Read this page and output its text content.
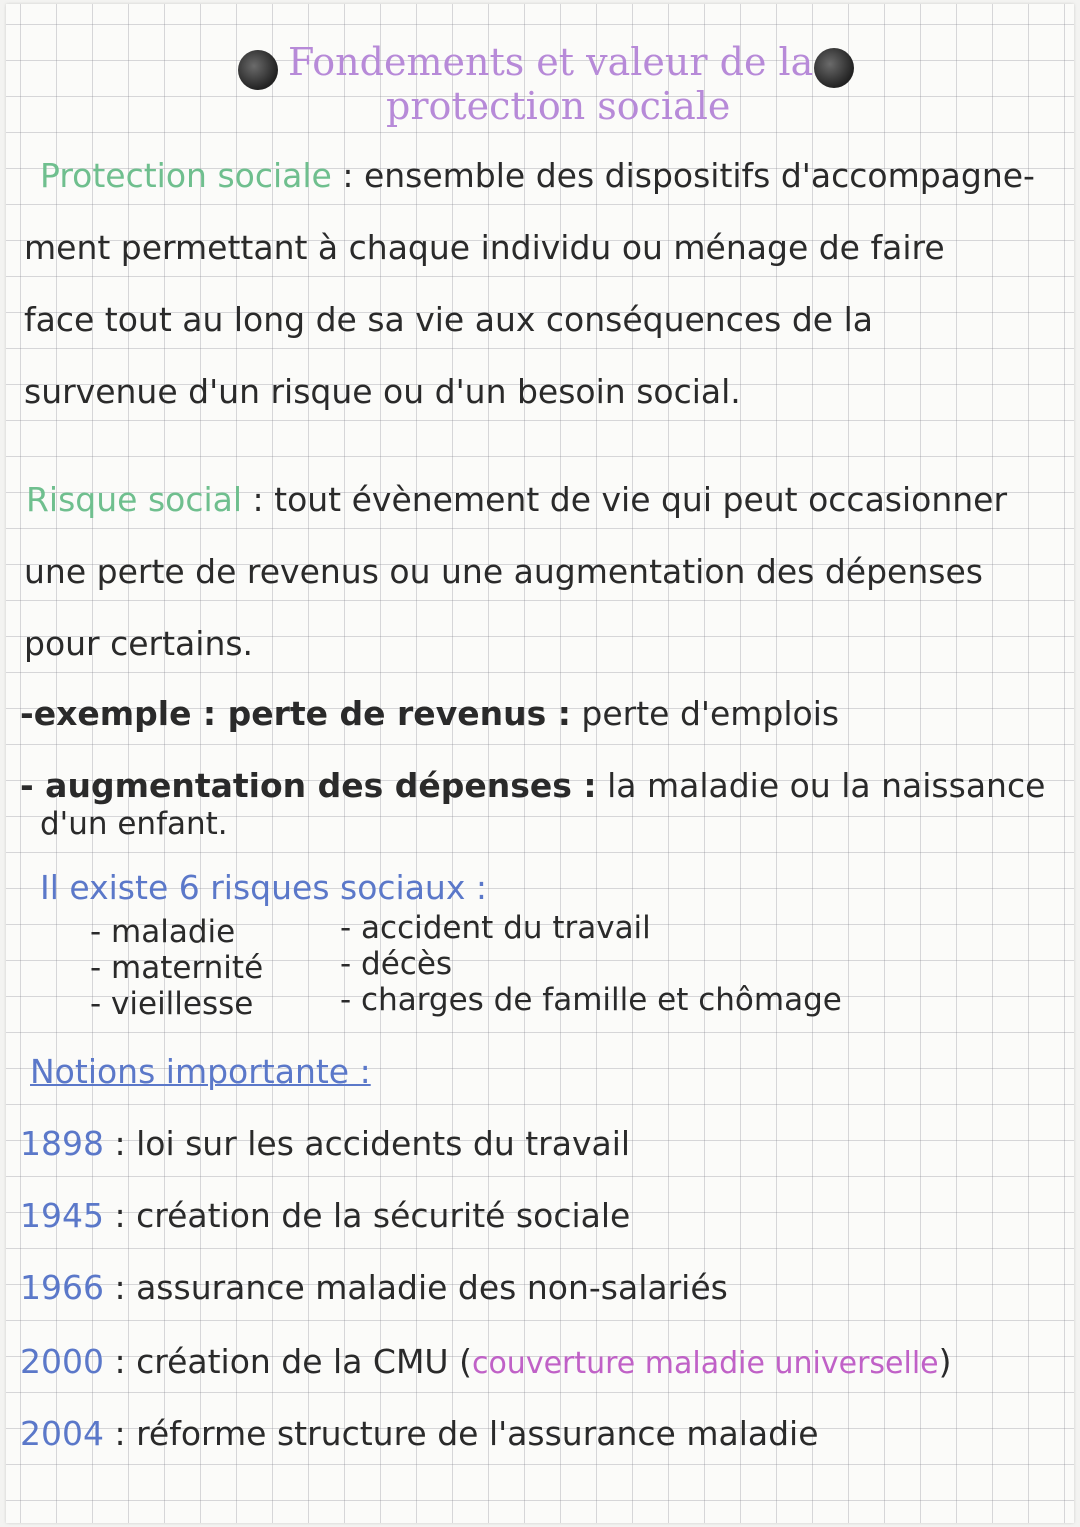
Fondements et valeur de la
protection sociale
Protection sociale : ensemble des dispositifs d'accompagne-
ment permettant à chaque individu ou ménage de faire
face tout au long de sa vie aux conséquences de la
survenue d'un risque ou d'un besoin social.
Risque social : tout évènement de vie qui peut occasionner
une perte de revenus ou une augmentation des dépenses
pour certains.
-exemple : perte de revenus : perte d'emplois
- augmentation des dépenses : la maladie ou la naissance
d'un enfant.
Il existe 6 risques sociaux :
- maladie
- maternité
- vieillesse
- accident du travail
- décès
- charges de famille et chômage
Notions importante :
1898 : loi sur les accidents du travail
1945 : création de la sécurité sociale
1966 : assurance maladie des non-salariés
2000 : création de la CMU (couverture maladie universelle)
2004 : réforme structure de l'assurance maladie
